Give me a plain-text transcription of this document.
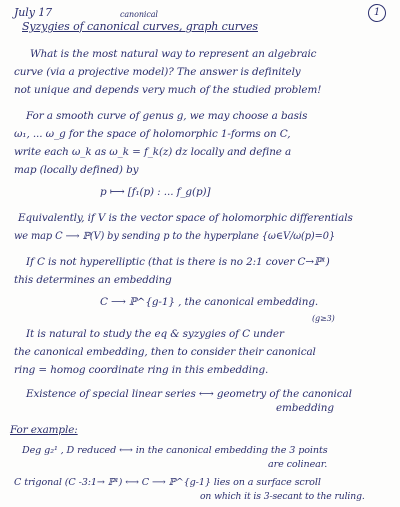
1
July 17	canonical
Syzygies of canonical curves, graph curves
What is the most natural way to represent an algebraic
curve (via a projective model)? The answer is definitely
not unique and depends very much of the studied problem!
For a smooth curve of genus g, we may choose a basis
ω₁, ... ω_g for the space of holomorphic 1-forms on C,
write each ω_k as ω_k = f_k(z) dz locally and define a
map (locally defined) by
p ⟼ [f₁(p) : ... f_g(p)]
Equivalently, if V is the vector space of holomorphic differentials
we map C ⟶ ℙ(V) by sending p to the hyperplane {ω∈V/ω(p)=0}
If C is not hyperelliptic (that is there is no 2:1 cover C→ℙ¹)
this determines an embedding
C ⟶ ℙ^{g-1} , the canonical embedding.
(g≥3)
It is natural to study the eq & syzygies of C under
the canonical embedding, then to consider their canonical
ring = homog coordinate ring in this embedding.
Existence of special linear series ⟷ geometry of the canonical
embedding
For example:
Deg g₂¹ , D reduced ⟷ in the canonical embedding the 3 points
are colinear.
C trigonal (C -3:1→ ℙ¹) ⟷ C ⟶ ℙ^{g-1} lies on a surface scroll
on which it is 3-secant to the ruling.
